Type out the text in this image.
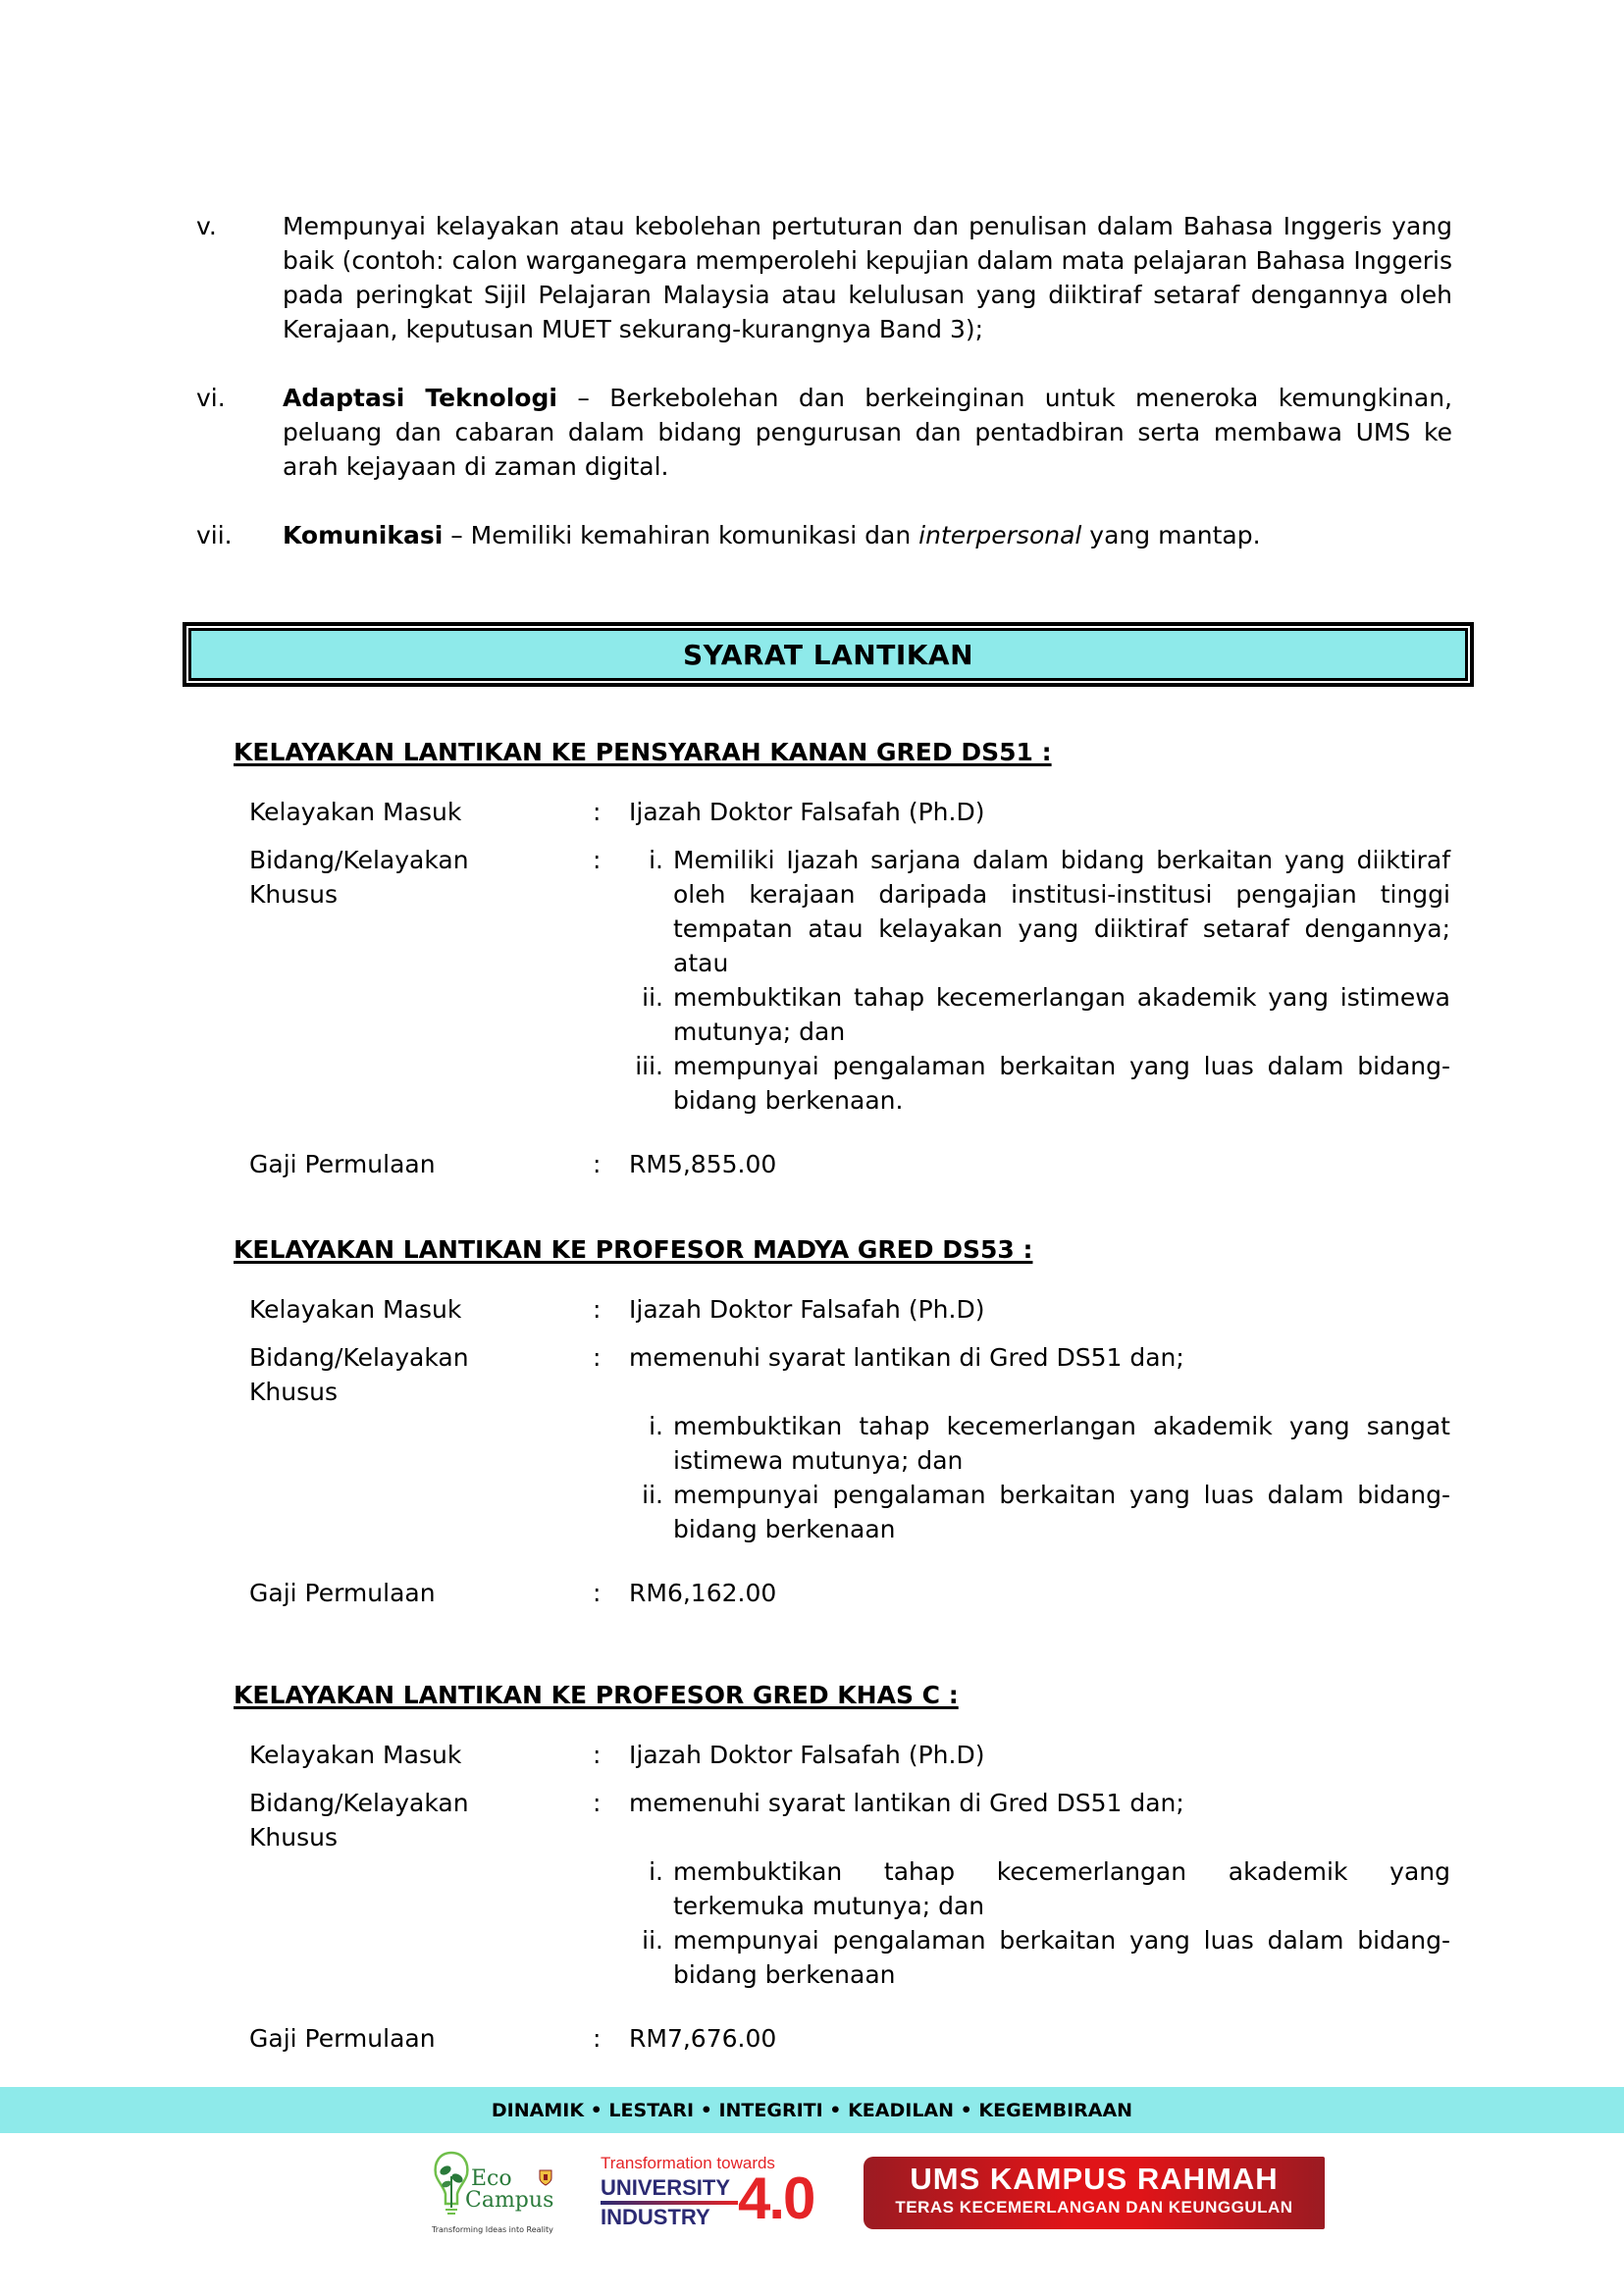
v.	Mempunyai kelayakan atau kebolehan pertuturan dan penulisan dalam Bahasa Inggeris yang baik (contoh: calon warganegara memperolehi kepujian dalam mata pelajaran Bahasa Inggeris pada peringkat Sijil Pelajaran Malaysia atau kelulusan yang diiktiraf setaraf dengannya oleh Kerajaan, keputusan MUET sekurang-kurangnya Band 3);
vi.	Adaptasi Teknologi – Berkebolehan dan berkeinginan untuk meneroka kemungkinan, peluang dan cabaran dalam bidang pengurusan dan pentadbiran serta membawa UMS ke arah kejayaan di zaman digital.
vii.	Komunikasi – Memiliki kemahiran komunikasi dan interpersonal yang mantap.
SYARAT LANTIKAN
KELAYAKAN LANTIKAN KE PENSYARAH KANAN GRED DS51 :
Kelayakan Masuk	:	Ijazah Doktor Falsafah (Ph.D)
Bidang/Kelayakan
Khusus
:	i. Memiliki Ijazah sarjana dalam bidang berkaitan yang diiktiraf oleh kerajaan daripada institusi-institusi pengajian tinggi tempatan atau kelayakan yang diiktiraf setaraf dengannya; atau
ii. membuktikan tahap kecemerlangan akademik yang istimewa mutunya; dan
iii. mempunyai pengalaman berkaitan yang luas dalam bidang-bidang berkenaan.
Gaji Permulaan	:	RM5,855.00
KELAYAKAN LANTIKAN KE PROFESOR MADYA GRED DS53 :
Kelayakan Masuk	:	Ijazah Doktor Falsafah (Ph.D)
Bidang/Kelayakan
Khusus
:	memenuhi syarat lantikan di Gred DS51 dan;
i. membuktikan tahap kecemerlangan akademik yang sangat istimewa mutunya; dan
ii. mempunyai pengalaman berkaitan yang luas dalam bidang-bidang berkenaan
Gaji Permulaan	:	RM6,162.00
KELAYAKAN LANTIKAN KE PROFESOR GRED KHAS C :
Kelayakan Masuk	:	Ijazah Doktor Falsafah (Ph.D)
Bidang/Kelayakan
Khusus
:	memenuhi syarat lantikan di Gred DS51 dan;
i. membuktikan tahap kecemerlangan akademik yang terkemuka mutunya; dan
ii. mempunyai pengalaman berkaitan yang luas dalam bidang-bidang berkenaan
Gaji Permulaan	:	RM7,676.00
DINAMIK • LESTARI • INTEGRITI • KEADILAN • KEGEMBIRAAN
Eco
Campus
Transforming Ideas into Reality
Transformation towards
UNIVERSITY
INDUSTRY 4.0	UMS KAMPUS RAHMAH
TERAS KECEMERLANGAN DAN KEUNGGULAN
